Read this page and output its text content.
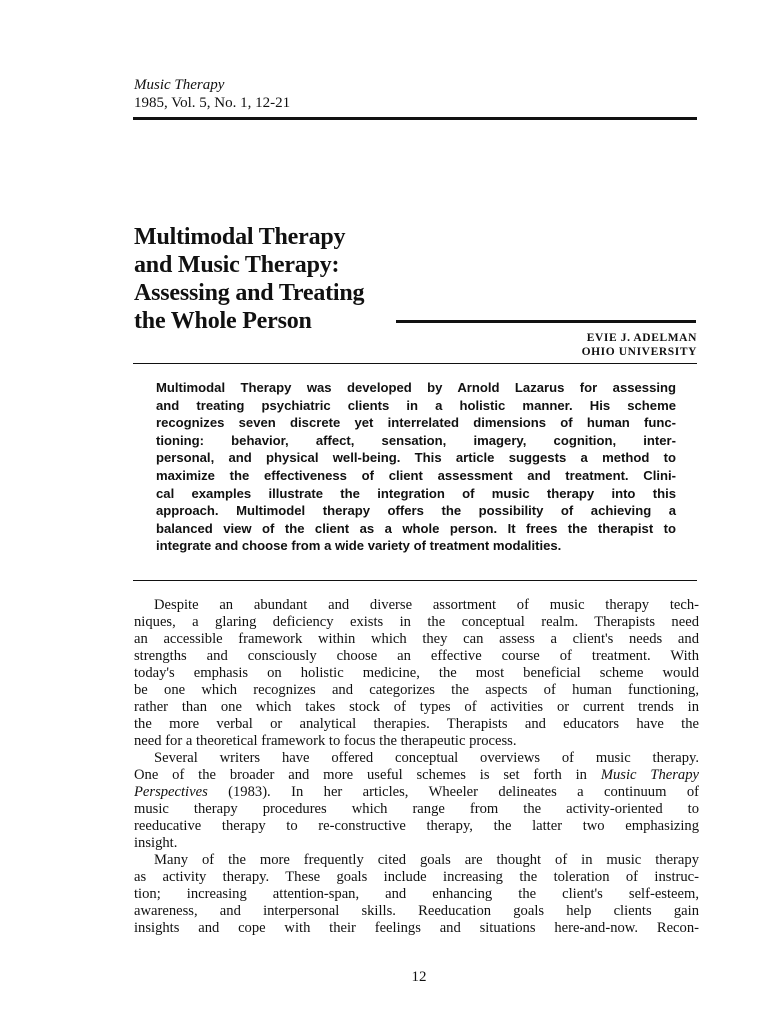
Music Therapy
1985, Vol. 5, No. 1, 12-21
Multimodal Therapy
and Music Therapy:
Assessing and Treating
the Whole Person
EVIE J. ADELMAN
OHIO UNIVERSITY
Multimodal Therapy was developed by Arnold Lazarus for assessing
and treating psychiatric clients in a holistic manner. His scheme
recognizes seven discrete yet interrelated dimensions of human func-
tioning: behavior, affect, sensation, imagery, cognition, inter-
personal, and physical well-being. This article suggests a method to
maximize the effectiveness of client assessment and treatment. Clini-
cal examples illustrate the integration of music therapy into this
approach. Multimodel therapy offers the possibility of achieving a
balanced view of the client as a whole person. It frees the therapist to
integrate and choose from a wide variety of treatment modalities.
Despite an abundant and diverse assortment of music therapy tech-
niques, a glaring deficiency exists in the conceptual realm. Therapists need
an accessible framework within which they can assess a client's needs and
strengths and consciously choose an effective course of treatment. With
today's emphasis on holistic medicine, the most beneficial scheme would
be one which recognizes and categorizes the aspects of human functioning,
rather than one which takes stock of types of activities or current trends in
the more verbal or analytical therapies. Therapists and educators have the
need for a theoretical framework to focus the therapeutic process.
Several writers have offered conceptual overviews of music therapy.
One of the broader and more useful schemes is set forth in Music Therapy
Perspectives (1983). In her articles, Wheeler delineates a continuum of
music therapy procedures which range from the activity-oriented to
reeducative therapy to re-constructive therapy, the latter two emphasizing
insight.
Many of the more frequently cited goals are thought of in music therapy
as activity therapy. These goals include increasing the toleration of instruc-
tion; increasing attention-span, and enhancing the client's self-esteem,
awareness, and interpersonal skills. Reeducation goals help clients gain
insights and cope with their feelings and situations here-and-now. Recon-
12
